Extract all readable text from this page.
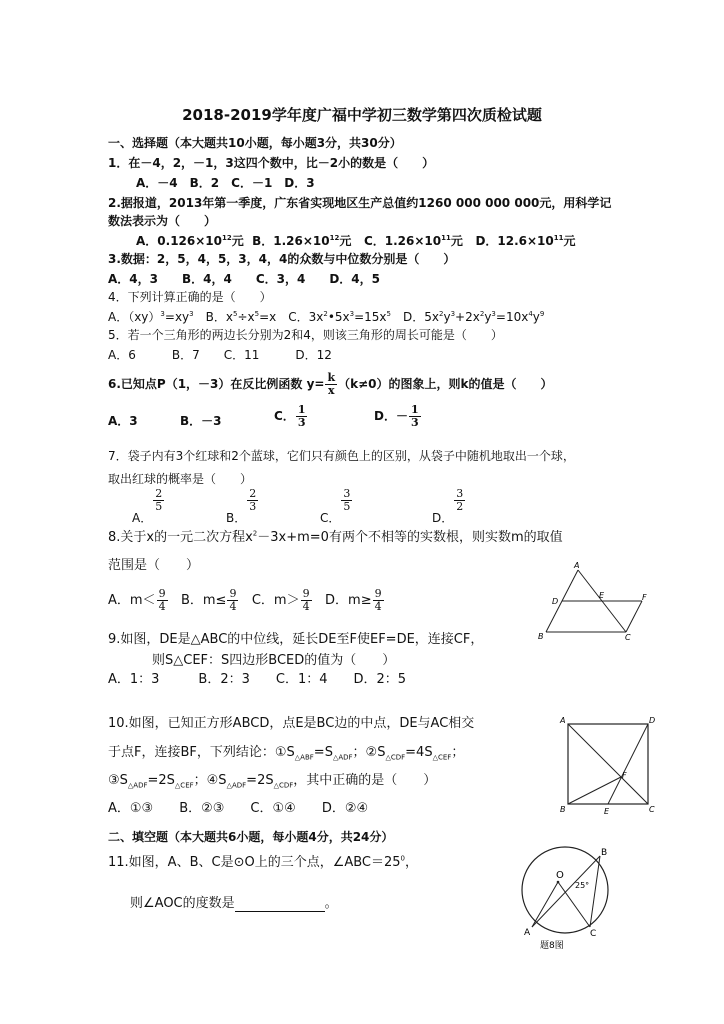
2018-2019学年度广福中学初三数学第四次质检试题
一、选择题（本大题共10小题，每小题3分，共30分）
1．在－4，2，－1，3这四个数中，比－2小的数是（　　）
A．－4　B．2　C．－1　D．3
2.据报道，2013年第一季度，广东省实现地区生产总值约1260 000 000 000元，用科学记
数法表示为（　　）
A．$0.126\times 10^{12}$元 B．$1.26\times 10^{12}$元 C．$1.26\times 10^{11}$元 D．$12.6\times 10^{11}$元
3.数据：2，5，4，5，3，4，4的众数与中位数分别是（　　）
A．4，3　　B．4，4　　C．3，4　　D．4，5
4．下列计算正确的是（　　）
A．$(xy)^3=xy^3$　B．$x^5\div x^5=x$　C．$3x^2•5x^3=15x^5$　D．$5x^2y^3+2x^2y^3=10x^4y^9$
5．若一个三角形的两边长分别为2和4，则该三角形的周长可能是（　　）
A．6　　　B．7　　C．11　　　D．12
6.已知点P（1，－3）在反比例函数 $y= \frac{k}{x} (k\ne 0)$的图象上，则k的值是（　　）
A．3	B．－3	C． $\frac{1}{3}$	D．－ $\frac{1}{3}$
7．袋子内有3个红球和2个蓝球，它们只有颜色上的区别，从袋子中随机地取出一个球，
取出红球的概率是（　　）
A．
$\frac{2}{5}$
B．
$\frac{2}{3}$
C．
$\frac{3}{5}$
D．
$\frac{3}{2}$
8.关于x的一元二次方程$x^2-3x+m=0$有两个不相等的实数根，则实数m的取值
范围是（　　）
A．$m< \frac{9}{4}$ B．$m\le \frac{9}{4}$ C．$m> \frac{9}{4}$ D．$m\ge \frac{9}{4}$
A
B	C
D
E	F
9.如图，DE是△ABC的中位线，延长DE至F使EF=DE，连接CF，
则S△CEF：S四边形BCED的值为（　　）
A．1：3　　　B．2：3　　C．1：4　　D．2：5
10.如图，已知正方形ABCD，点E是BC边的中点，DE与AC相交
于点F，连接BF，下列结论：$①S_{\triangle ABF}=S_{\triangle ADF}$；$②S_{\triangle CDF}=4S_{\triangle CEF}$；
$③S_{\triangle ADF}=2S_{\triangle CEF}$；$④S_{\triangle ADF}=2S_{\triangle CDF}$，其中正确的是（　　）
A．①③　　B．②③　　C．①④　　D．②④
A	D
B	C
E
F
二、填空题（本大题共6小题，每小题4分，共24分）
11.如图，A、B、C是⊙O上的三个点，$\angle ABC=25^0$，
则∠AOC的度数是	。
O
B
A	C
25°
题8图
